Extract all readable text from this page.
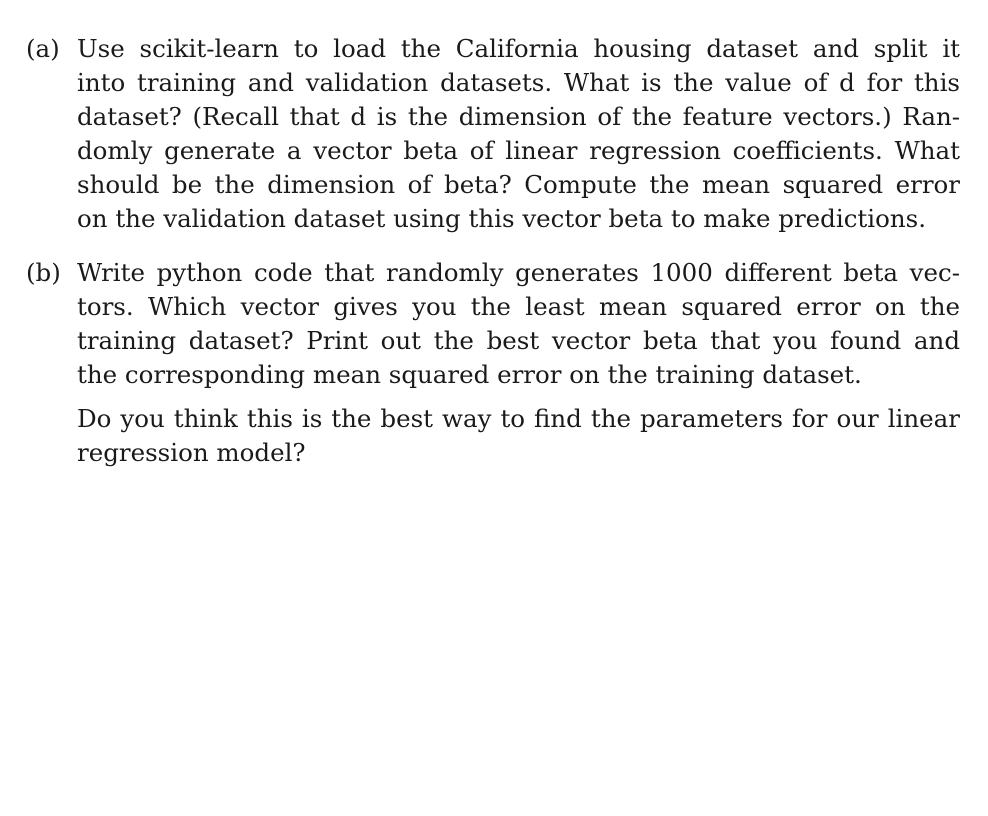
(a) Use scikit-learn to load the California housing dataset and split it
into training and validation datasets. What is the value of d for this
dataset? (Recall that d is the dimension of the feature vectors.) Ran-
domly generate a vector beta of linear regression coefficients. What
should be the dimension of beta? Compute the mean squared error
on the validation dataset using this vector beta to make predictions.
(b) Write python code that randomly generates 1000 different beta vec-
tors. Which vector gives you the least mean squared error on the
training dataset? Print out the best vector beta that you found and
the corresponding mean squared error on the training dataset.
Do you think this is the best way to find the parameters for our linear
regression model?
